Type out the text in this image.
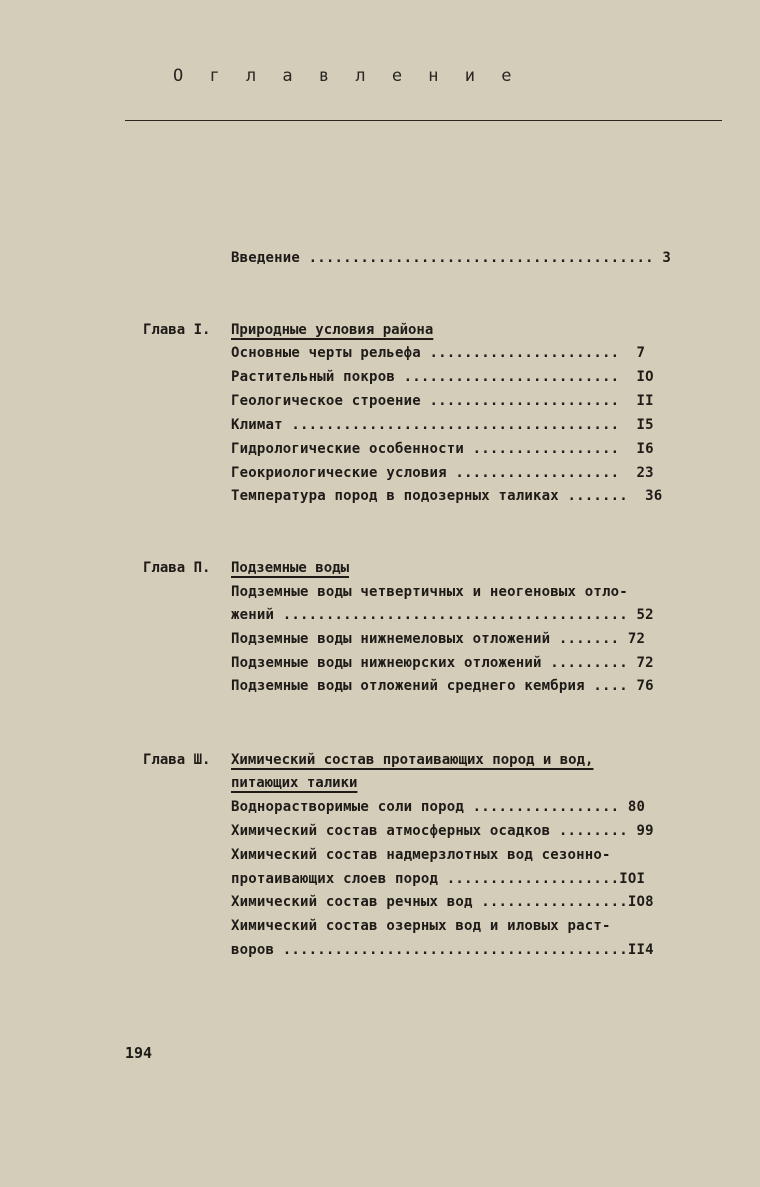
О г л а в л е н и е
Введение ........................................ 3
Глава I. Природные условия района
Основные черты рельефа ......................  7
Растительный покров .........................  IO
Геологическое строение ......................  II
Климат ......................................  I5
Гидрологические особенности .................  I6
Геокриологические условия ...................  23
Температура пород в подозерных таликах .......  36
Глава П. Подземные воды
Подземные воды четвертичных и неогеновых отло-
жений ........................................ 52
Подземные воды нижнемеловых отложений ....... 72
Подземные воды нижнеюрских отложений ......... 72
Подземные воды отложений среднего кембрия .... 76
Глава Ш. Химический состав протаивающих пород и вод,
питающих талики
Воднорастворимые соли пород ................. 80
Химический состав атмосферных осадков ........ 99
Химический состав надмерзлотных вод сезонно-
протаивающих слоев пород ....................IOI
Химический состав речных вод .................IO8
Химический состав озерных вод и иловых раст-
воров ........................................II4
194
